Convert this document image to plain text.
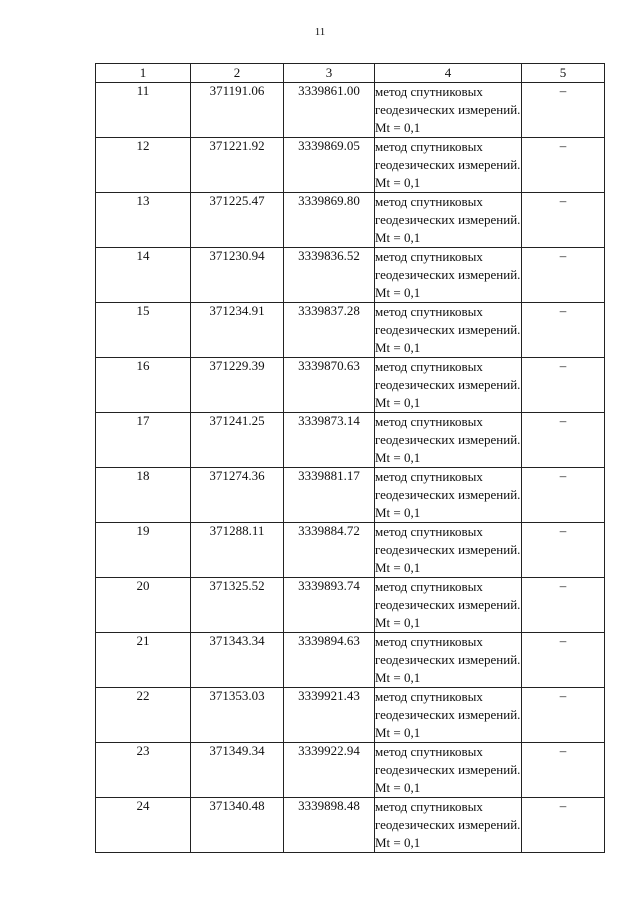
11
1	2	3	4	5
11	371191.06	3339861.00	метод спутниковых геодезических измерений. Mt = 0,1	–
12	371221.92	3339869.05	метод спутниковых геодезических измерений. Mt = 0,1	–
13	371225.47	3339869.80	метод спутниковых геодезических измерений. Mt = 0,1	–
14	371230.94	3339836.52	метод спутниковых геодезических измерений. Mt = 0,1	–
15	371234.91	3339837.28	метод спутниковых геодезических измерений. Mt = 0,1	–
16	371229.39	3339870.63	метод спутниковых геодезических измерений. Mt = 0,1	–
17	371241.25	3339873.14	метод спутниковых геодезических измерений. Mt = 0,1	–
18	371274.36	3339881.17	метод спутниковых геодезических измерений. Mt = 0,1	–
19	371288.11	3339884.72	метод спутниковых геодезических измерений. Mt = 0,1	–
20	371325.52	3339893.74	метод спутниковых геодезических измерений. Mt = 0,1	–
21	371343.34	3339894.63	метод спутниковых геодезических измерений. Mt = 0,1	–
22	371353.03	3339921.43	метод спутниковых геодезических измерений. Mt = 0,1	–
23	371349.34	3339922.94	метод спутниковых геодезических измерений. Mt = 0,1	–
24	371340.48	3339898.48	метод спутниковых геодезических измерений. Mt = 0,1	–
